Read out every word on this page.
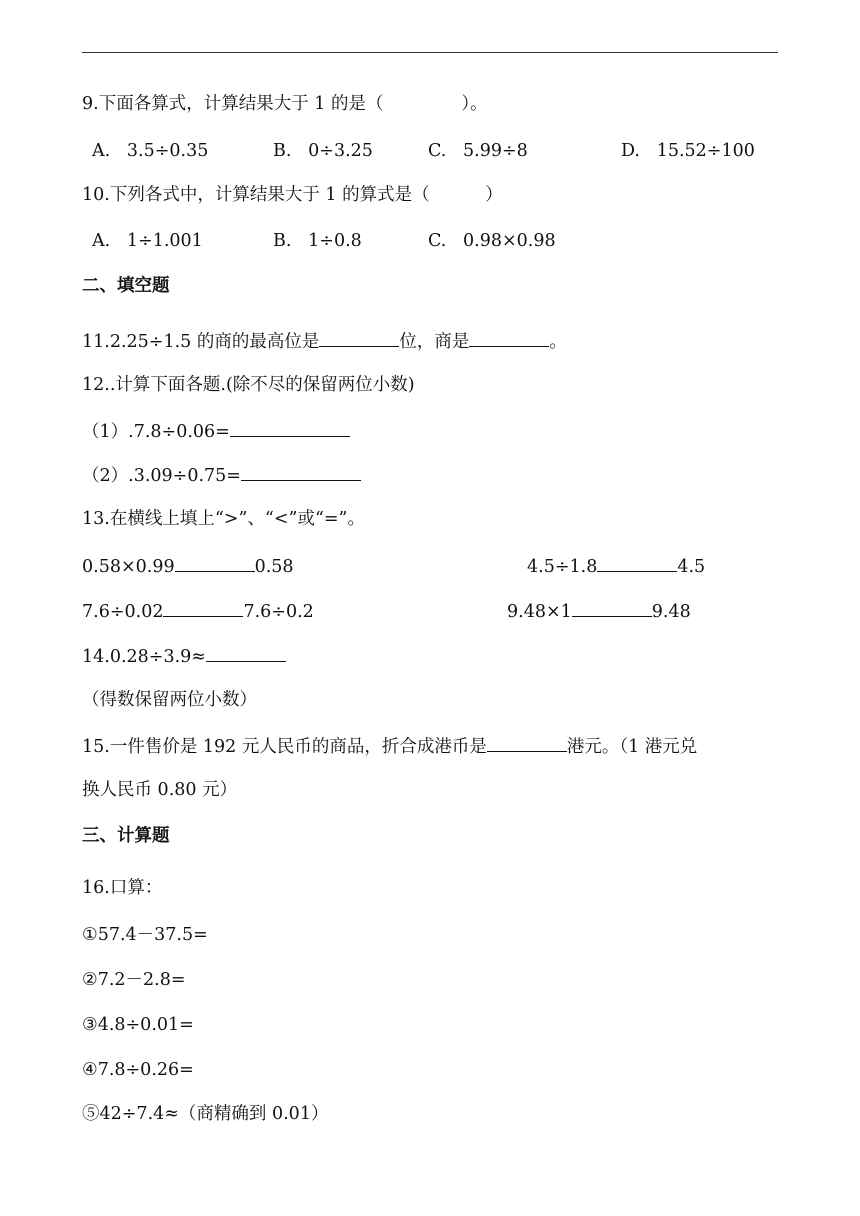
9.下面各算式，计算结果大于 1 的是（              ）。
A. 3.5÷0.35	B. 0÷3.25	C. 5.99÷8	D. 15.52÷100
10.下列各式中，计算结果大于 1 的算式是（          ）
A. 1÷1.001	B. 1÷0.8	C. 0.98×0.98
二、填空题
11.2.25÷1.5 的商的最高位是	位，商是	。
12..计算下面各题.(除不尽的保留两位小数)
（1）.7.8÷0.06=
（2）.3.09÷0.75=
13.在横线上填上“>”、“<”或“=”。
0.58×0.99	0.58	4.5÷1.8	4.5
7.6÷0.02	7.6÷0.2	9.48×1	9.48
14.0.28÷3.9≈
（得数保留两位小数）
15.一件售价是 192 元人民币的商品，折合成港币是	港元。（1 港元兑
换人民币 0.80 元）
三、计算题
16.口算：
①57.4－37.5=
②7.2－2.8=
③4.8÷0.01=
④7.8÷0.26=
⑤42÷7.4≈（商精确到 0.01）
